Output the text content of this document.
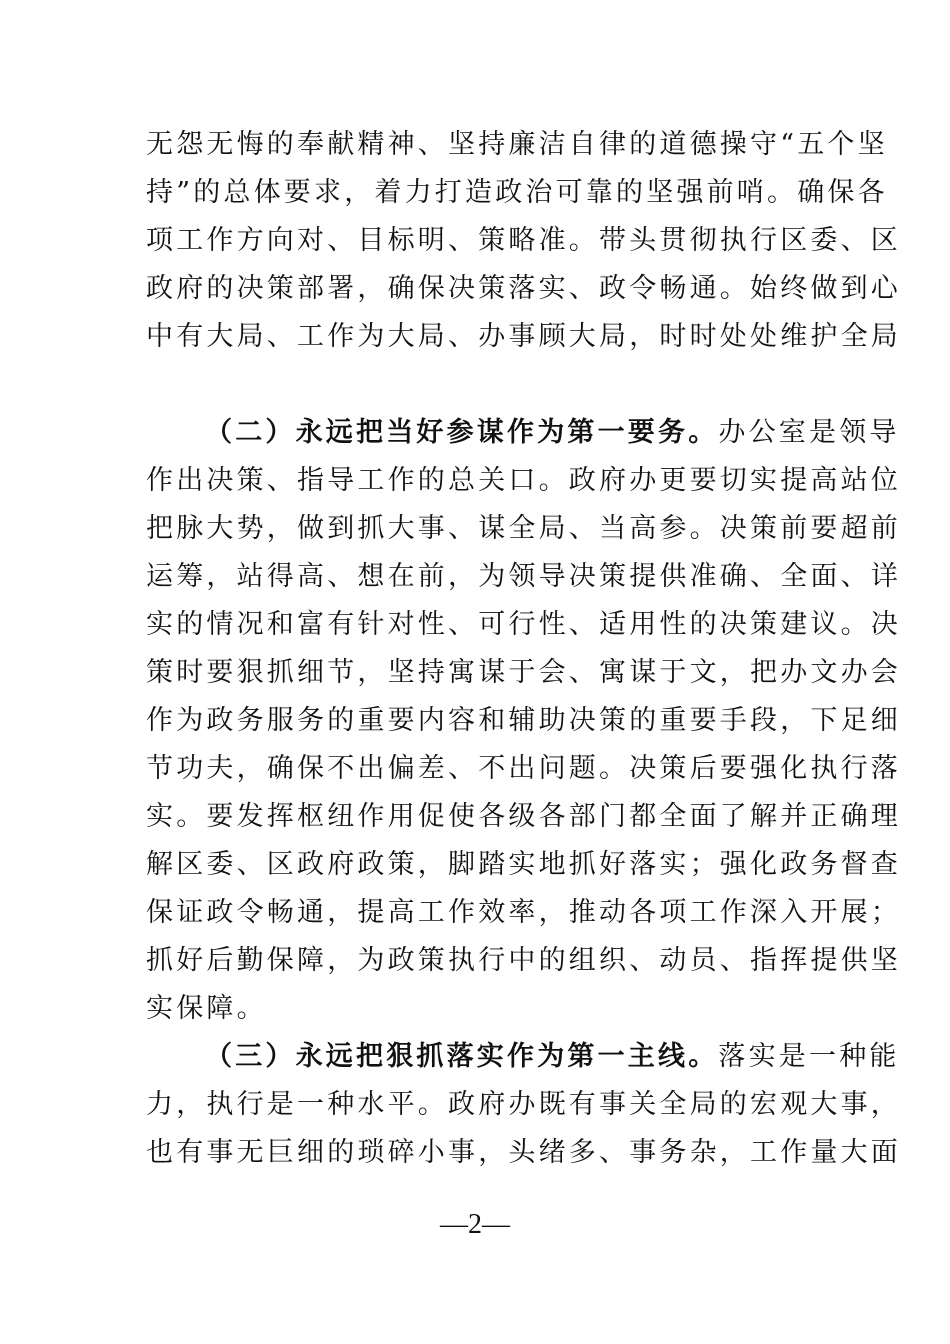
无怨无悔的奉献精神、坚持廉洁自律的道德操守“五个坚
持”的总体要求，着力打造政治可靠的坚强前哨。确保各
项工作方向对、目标明、策略准。带头贯彻执行区委、区
政府的决策部署，确保决策落实、政令畅通。始终做到心
中有大局、工作为大局、办事顾大局，时时处处维护全局
（二）永远把当好参谋作为第一要务。办公室是领导
作出决策、指导工作的总关口。政府办更要切实提高站位
把脉大势，做到抓大事、谋全局、当高参。决策前要超前
运筹，站得高、想在前，为领导决策提供准确、全面、详
实的情况和富有针对性、可行性、适用性的决策建议。决
策时要狠抓细节，坚持寓谋于会、寓谋于文，把办文办会
作为政务服务的重要内容和辅助决策的重要手段，下足细
节功夫，确保不出偏差、不出问题。决策后要强化执行落
实。要发挥枢纽作用促使各级各部门都全面了解并正确理
解区委、区政府政策，脚踏实地抓好落实；强化政务督查
保证政令畅通，提高工作效率，推动各项工作深入开展；
抓好后勤保障，为政策执行中的组织、动员、指挥提供坚
实保障。
（三）永远把狠抓落实作为第一主线。落实是一种能
力，执行是一种水平。政府办既有事关全局的宏观大事，
也有事无巨细的琐碎小事，头绪多、事务杂，工作量大面
—2—
